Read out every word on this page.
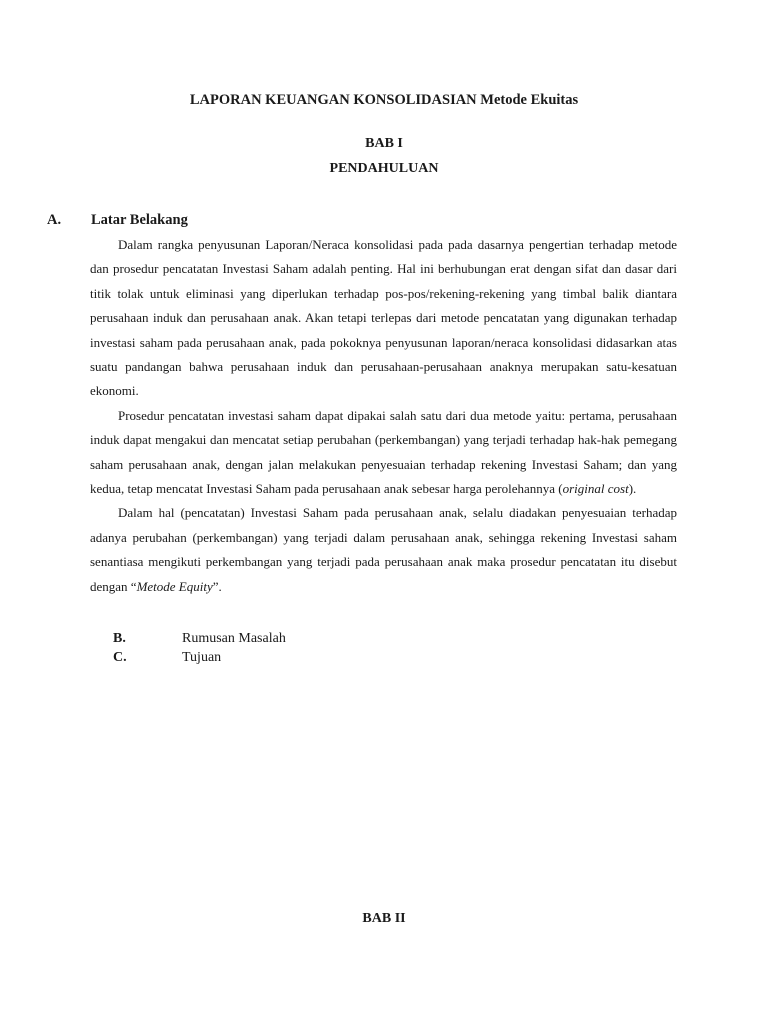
LAPORAN KEUANGAN KONSOLIDASIAN Metode Ekuitas
BAB I
PENDAHULUAN
A. Latar Belakang

Dalam rangka penyusunan Laporan/Neraca konsolidasi pada pada dasarnya pengertian terhadap metode dan prosedur pencatatan Investasi Saham adalah penting. Hal ini berhubungan erat dengan sifat dan dasar dari titik tolak untuk eliminasi yang diperlukan terhadap pos-pos/rekening-rekening yang timbal balik diantara perusahaan induk dan perusahaan anak. Akan tetapi terlepas dari metode pencatatan yang digunakan terhadap investasi saham pada perusahaan anak, pada pokoknya penyusunan laporan/neraca konsolidasi didasarkan atas suatu pandangan bahwa perusahaan induk dan perusahaan-perusahaan anaknya merupakan satu-kesatuan ekonomi.

Prosedur pencatatan investasi saham dapat dipakai salah satu dari dua metode yaitu: pertama, perusahaan induk dapat mengakui dan mencatat setiap perubahan (perkembangan) yang terjadi terhadap hak-hak pemegang saham perusahaan anak, dengan jalan melakukan penyesuaian terhadap rekening Investasi Saham; dan yang kedua, tetap mencatat Investasi Saham pada perusahaan anak sebesar harga perolehannya (original cost).

Dalam hal (pencatatan) Investasi Saham pada perusahaan anak, selalu diadakan penyesuaian terhadap adanya perubahan (perkembangan) yang terjadi dalam perusahaan anak, sehingga rekening Investasi saham senantiasa mengikuti perkembangan yang terjadi pada perusahaan anak maka prosedur pencatatan itu disebut dengan “Metode Equity”.

B.	Rumusan Masalah
C.	Tujuan
BAB II
